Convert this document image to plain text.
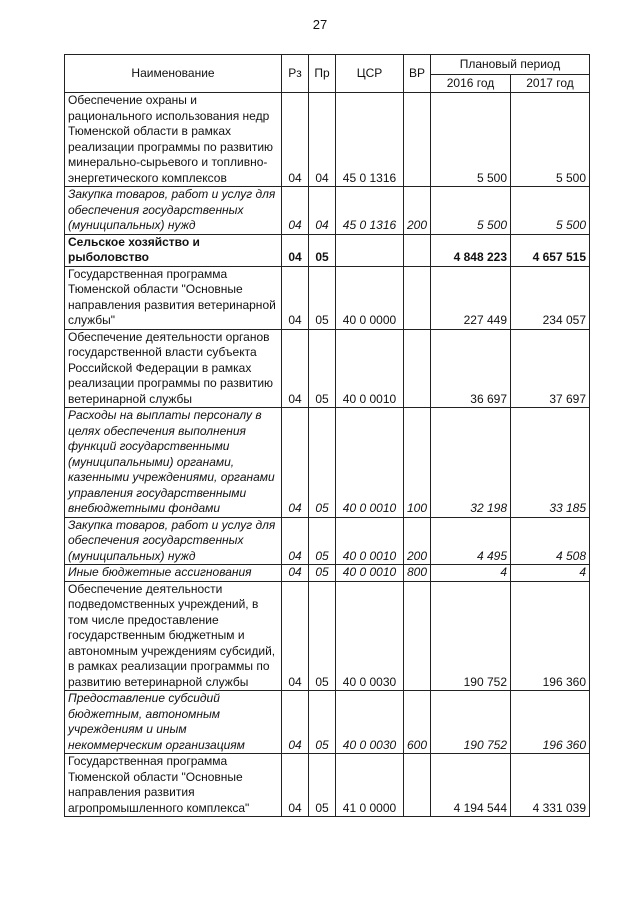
27
Наименование	Рз	Пр	ЦСР	ВР	Плановый период	
					2016 год	2017 год
Обеспечение охраны и рационального использования недр Тюменской области в рамках реализации программы по развитию минерально-сырьевого и топливно-энергетического комплексов	04	04	45 0 1316		5 500	5 500
Закупка товаров, работ и услуг для обеспечения государственных (муниципальных) нужд	04	04	45 0 1316	200	5 500	5 500
Сельское хозяйство и рыболовство	04	05			4 848 223	4 657 515
Государственная программа Тюменской области "Основные направления развития ветеринарной службы"	04	05	40 0 0000		227 449	234 057
Обеспечение деятельности органов государственной власти субъекта Российской Федерации в рамках реализации программы по развитию ветеринарной службы	04	05	40 0 0010		36 697	37 697
Расходы на выплаты персоналу в целях обеспечения выполнения функций государственными (муниципальными) органами, казенными учреждениями, органами управления государственными внебюджетными фондами	04	05	40 0 0010	100	32 198	33 185
Закупка товаров, работ и услуг для обеспечения государственных (муниципальных) нужд	04	05	40 0 0010	200	4 495	4 508
Иные бюджетные ассигнования	04	05	40 0 0010	800	4	4
Обеспечение деятельности подведомственных учреждений, в том числе предоставление государственным бюджетным и автономным учреждениям субсидий, в рамках реализации программы по развитию ветеринарной службы	04	05	40 0 0030		190 752	196 360
Предоставление субсидий бюджетным, автономным учреждениям и иным некоммерческим организациям	04	05	40 0 0030	600	190 752	196 360
Государственная программа Тюменской области "Основные направления развития агропромышленного комплекса"	04	05	41 0 0000		4 194 544	4 331 039
